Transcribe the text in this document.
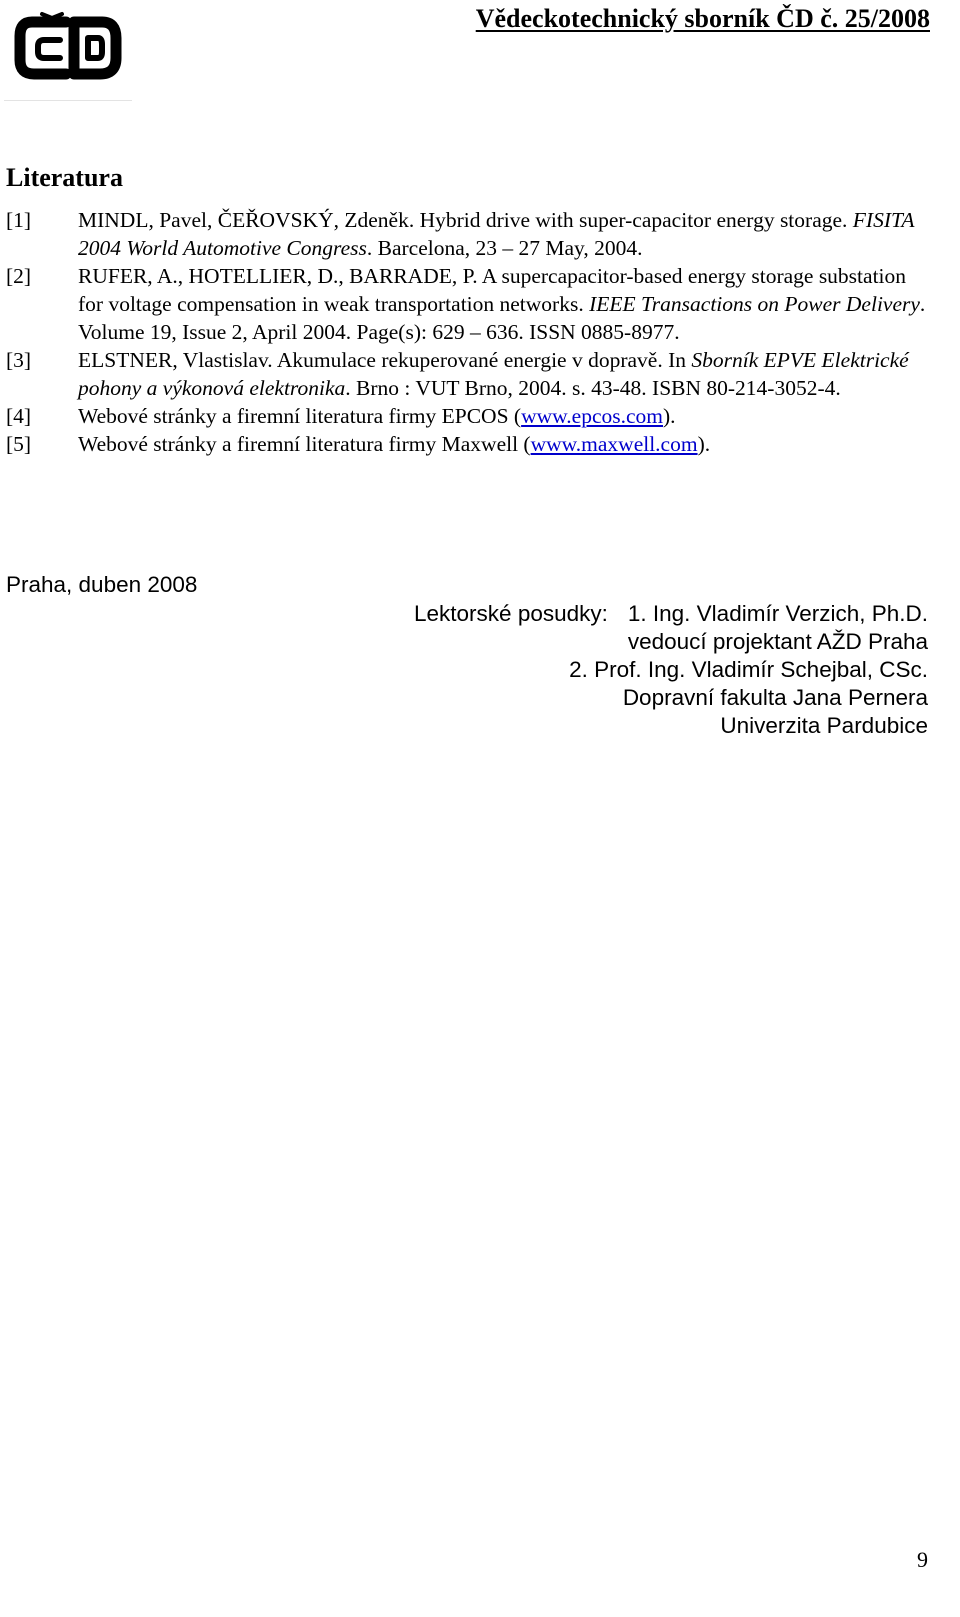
Vědeckotechnický sborník ČD č. 25/2008
Literatura
[1]	MINDL, Pavel, ČEŘOVSKÝ, Zdeněk. Hybrid drive with super-capacitor energy storage. FISITA 2004 World Automotive Congress. Barcelona, 23 – 27 May, 2004.
[2]	RUFER, A., HOTELLIER, D., BARRADE, P. A supercapacitor-based energy storage substation for voltage compensation in weak transportation networks. IEEE Transactions on Power Delivery. Volume 19, Issue 2, April 2004. Page(s): 629 – 636. ISSN 0885-8977.
[3]	ELSTNER, Vlastislav. Akumulace rekuperované energie v dopravě. In Sborník EPVE Elektrické pohony a výkonová elektronika. Brno : VUT Brno, 2004. s. 43-48. ISBN 80-214-3052-4.
[4]	Webové stránky a firemní literatura firmy EPCOS (www.epcos.com).
[5]	Webové stránky a firemní literatura firmy Maxwell (www.maxwell.com).
Praha, duben 2008
Lektorské posudky: 1. Ing. Vladimír Verzich, Ph.D.
vedoucí projektant AŽD Praha
2. Prof. Ing. Vladimír Schejbal, CSc.
Dopravní fakulta Jana Pernera
Univerzita Pardubice
9
